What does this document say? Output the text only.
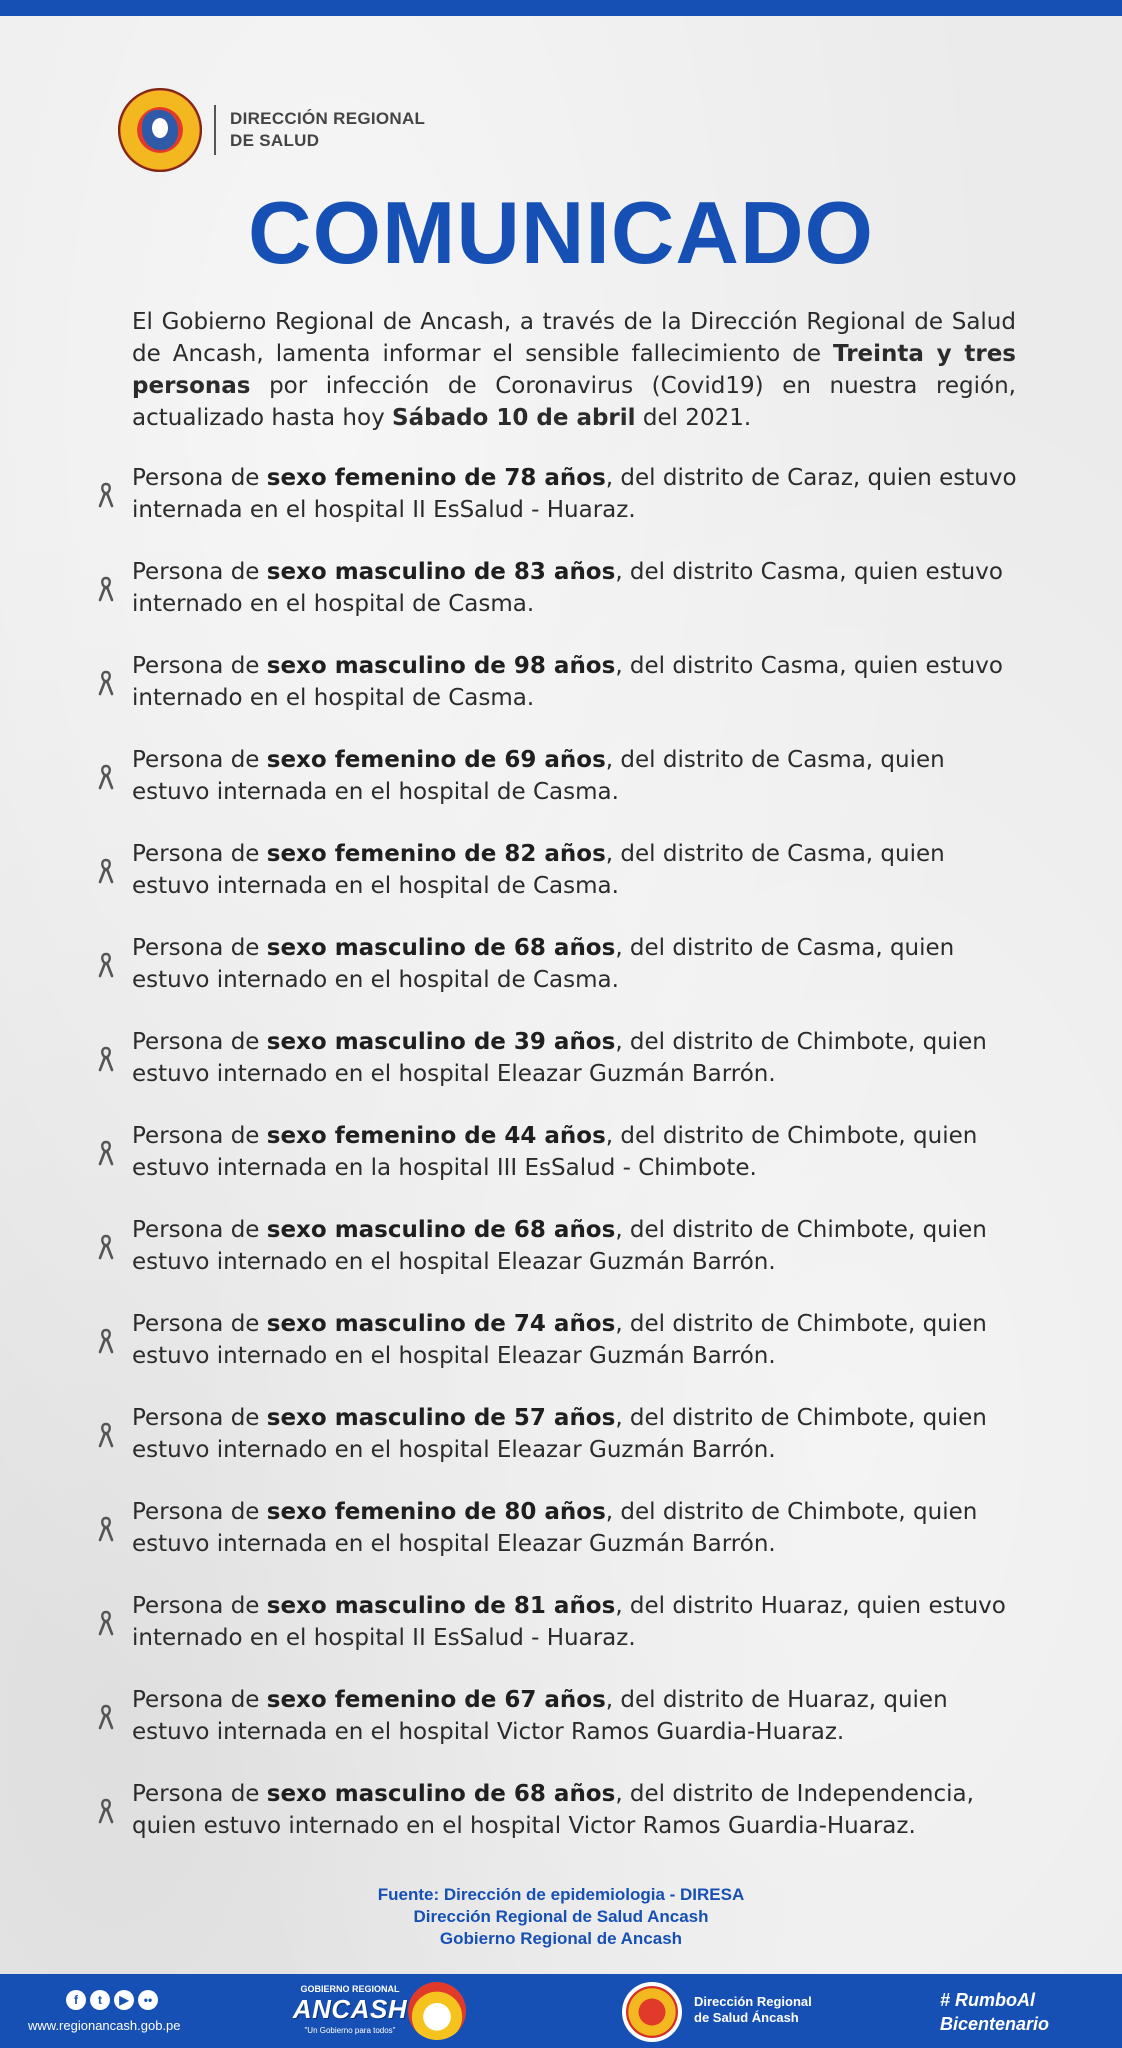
DIRECCIÓN REGIONAL
DE SALUD
COMUNICADO

El Gobierno Regional de Ancash, a través de la Dirección Regional de Salud de Ancash, lamenta informar el sensible fallecimiento de Treinta y tres personas por infección de Coronavirus (Covid19) en nuestra región, actualizado hasta hoy Sábado 10 de abril del 2021.

Persona de sexo femenino de 78 años, del distrito de Caraz, quien estuvo internada en el hospital II EsSalud - Huaraz.

Persona de sexo masculino de 83 años, del distrito Casma, quien estuvo internado en el hospital de Casma.

Persona de sexo masculino de 98 años, del distrito Casma, quien estuvo internado en el hospital de Casma.

Persona de sexo femenino de 69 años, del distrito de Casma, quien estuvo internada en el hospital de Casma.

Persona de sexo femenino de 82 años, del distrito de Casma, quien estuvo internada en el hospital de Casma.

Persona de sexo masculino de 68 años, del distrito de Casma, quien estuvo internado en el hospital de Casma.

Persona de sexo masculino de 39 años, del distrito de Chimbote, quien estuvo internado en el hospital Eleazar Guzmán Barrón.

Persona de sexo femenino de 44 años, del distrito de Chimbote, quien estuvo internada en la hospital III EsSalud - Chimbote.

Persona de sexo masculino de 68 años, del distrito de Chimbote, quien estuvo internado en el hospital Eleazar Guzmán Barrón.

Persona de sexo masculino de 74 años, del distrito de Chimbote, quien estuvo internado en el hospital Eleazar Guzmán Barrón.

Persona de sexo masculino de 57 años, del distrito de Chimbote, quien estuvo internado en el hospital Eleazar Guzmán Barrón.

Persona de sexo femenino de 80 años, del distrito de Chimbote, quien estuvo internada en el hospital Eleazar Guzmán Barrón.

Persona de sexo masculino de 81 años, del distrito Huaraz, quien estuvo internado en el hospital II EsSalud - Huaraz.

Persona de sexo femenino de 67 años, del distrito de Huaraz, quien estuvo internada en el hospital Victor Ramos Guardia-Huaraz.

Persona de sexo masculino de 68 años, del distrito de Independencia, quien estuvo internado en el hospital Victor Ramos Guardia-Huaraz.

Fuente: Dirección de epidemiologia - DIRESA
Dirección Regional de Salud Ancash
Gobierno Regional de Ancash
f	t	▶	••
www.regionancash.gob.pe
GOBIERNO REGIONAL
ANCASH
"Un Gobierno para todos"
Dirección Regional
de Salud Áncash
# RumboAl
Bicentenario
